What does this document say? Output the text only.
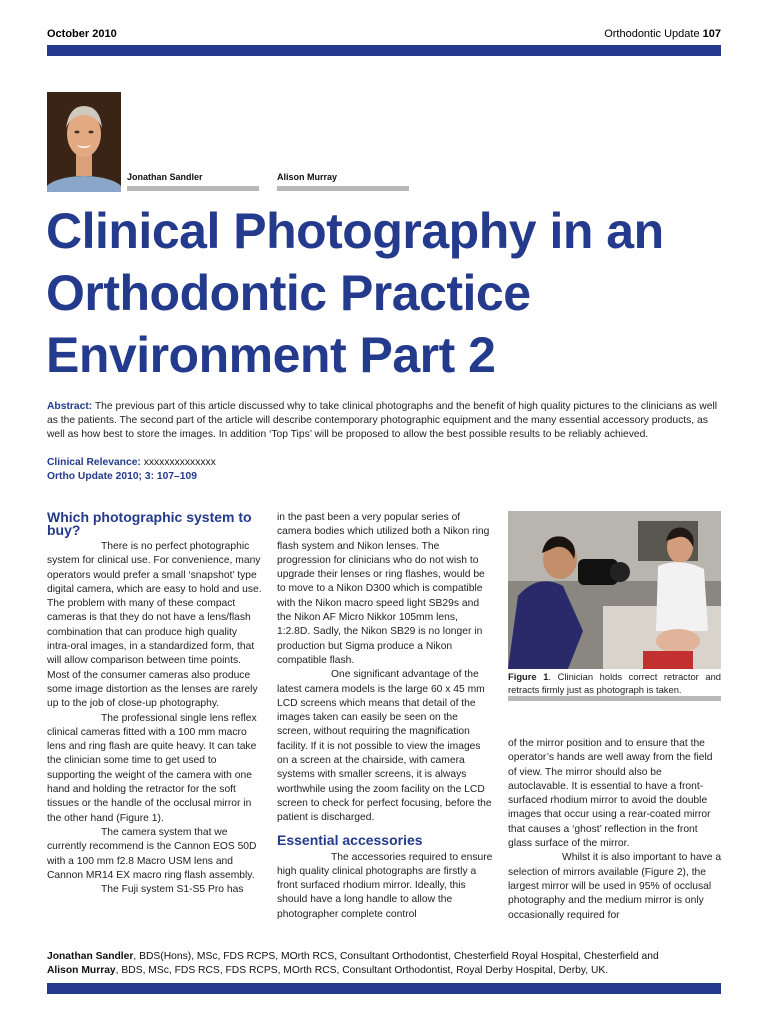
October 2010	Orthodontic Update 107
Jonathan Sandler	Alison Murray
Clinical Photography in an Orthodontic Practice Environment Part 2
Abstract: The previous part of this article discussed why to take clinical photographs and the benefit of high quality pictures to the clinicians as well as the patients. The second part of the article will describe contemporary photographic equipment and the many essential accessory products, as well as how best to store the images. In addition ‘Top Tips’ will be proposed to allow the best possible results to be reliably achieved.
Clinical Relevance: xxxxxxxxxxxxxx
Ortho Update 2010; 3: 107–109
Which photographic system to buy?

There is no perfect photographic system for clinical use. For convenience, many operators would prefer a small ‘snapshot’ type digital camera, which are easy to hold and use. The problem with many of these compact cameras is that they do not have a lens/flash combination that can produce high quality intra-oral images, in a standardized form, that will allow comparison between time points. Most of the consumer cameras also produce some image distortion as the lenses are rarely up to the job of close-up photography.

The professional single lens reflex clinical cameras fitted with a 100 mm macro lens and ring flash are quite heavy. It can take the clinician some time to get used to supporting the weight of the camera with one hand and holding the retractor for the soft tissues or the handle of the occlusal mirror in the other hand (Figure 1).

The camera system that we currently recommend is the Cannon EOS 50D with a 100 mm f2.8 Macro USM lens and Cannon MR14 EX macro ring flash assembly.

The Fuji system S1-S5 Pro has

in the past been a very popular series of camera bodies which utilized both a Nikon ring flash system and Nikon lenses. The progression for clinicians who do not wish to upgrade their lenses or ring flashes, would be to move to a Nikon D300 which is compatible with the Nikon macro speed light SB29s and the Nikon AF Micro Nikkor 105mm lens, 1:2.8D. Sadly, the Nikon SB29 is no longer in production but Sigma produce a Nikon compatible flash.

One significant advantage of the latest camera models is the large 60 x 45 mm LCD screens which means that detail of the images taken can easily be seen on the screen, without requiring the magnification facility. If it is not possible to view the images on a screen at the chairside, with camera systems with smaller screens, it is always worthwhile using the zoom facility on the LCD screen to check for perfect focusing, before the patient is discharged.

Essential accessories

The accessories required to ensure high quality clinical photographs are firstly a front surfaced rhodium mirror. Ideally, this should have a long handle to allow the photographer complete control

Figure 1. Clinician holds correct retractor and retracts firmly just as photograph is taken.

of the mirror position and to ensure that the operator’s hands are well away from the field of view. The mirror should also be autoclavable. It is essential to have a front-surfaced rhodium mirror to avoid the double images that occur using a rear-coated mirror that causes a ‘ghost’ reflection in the front glass surface of the mirror.

Whilst it is also important to have a selection of mirrors available (Figure 2), the largest mirror will be used in 95% of occlusal photography and the medium mirror is only occasionally required for

Jonathan Sandler, BDS(Hons), MSc, FDS RCPS, MOrth RCS, Consultant Orthodontist, Chesterfield Royal Hospital, Chesterfield and
Alison Murray, BDS, MSc, FDS RCS, FDS RCPS, MOrth RCS, Consultant Orthodontist, Royal Derby Hospital, Derby, UK.
